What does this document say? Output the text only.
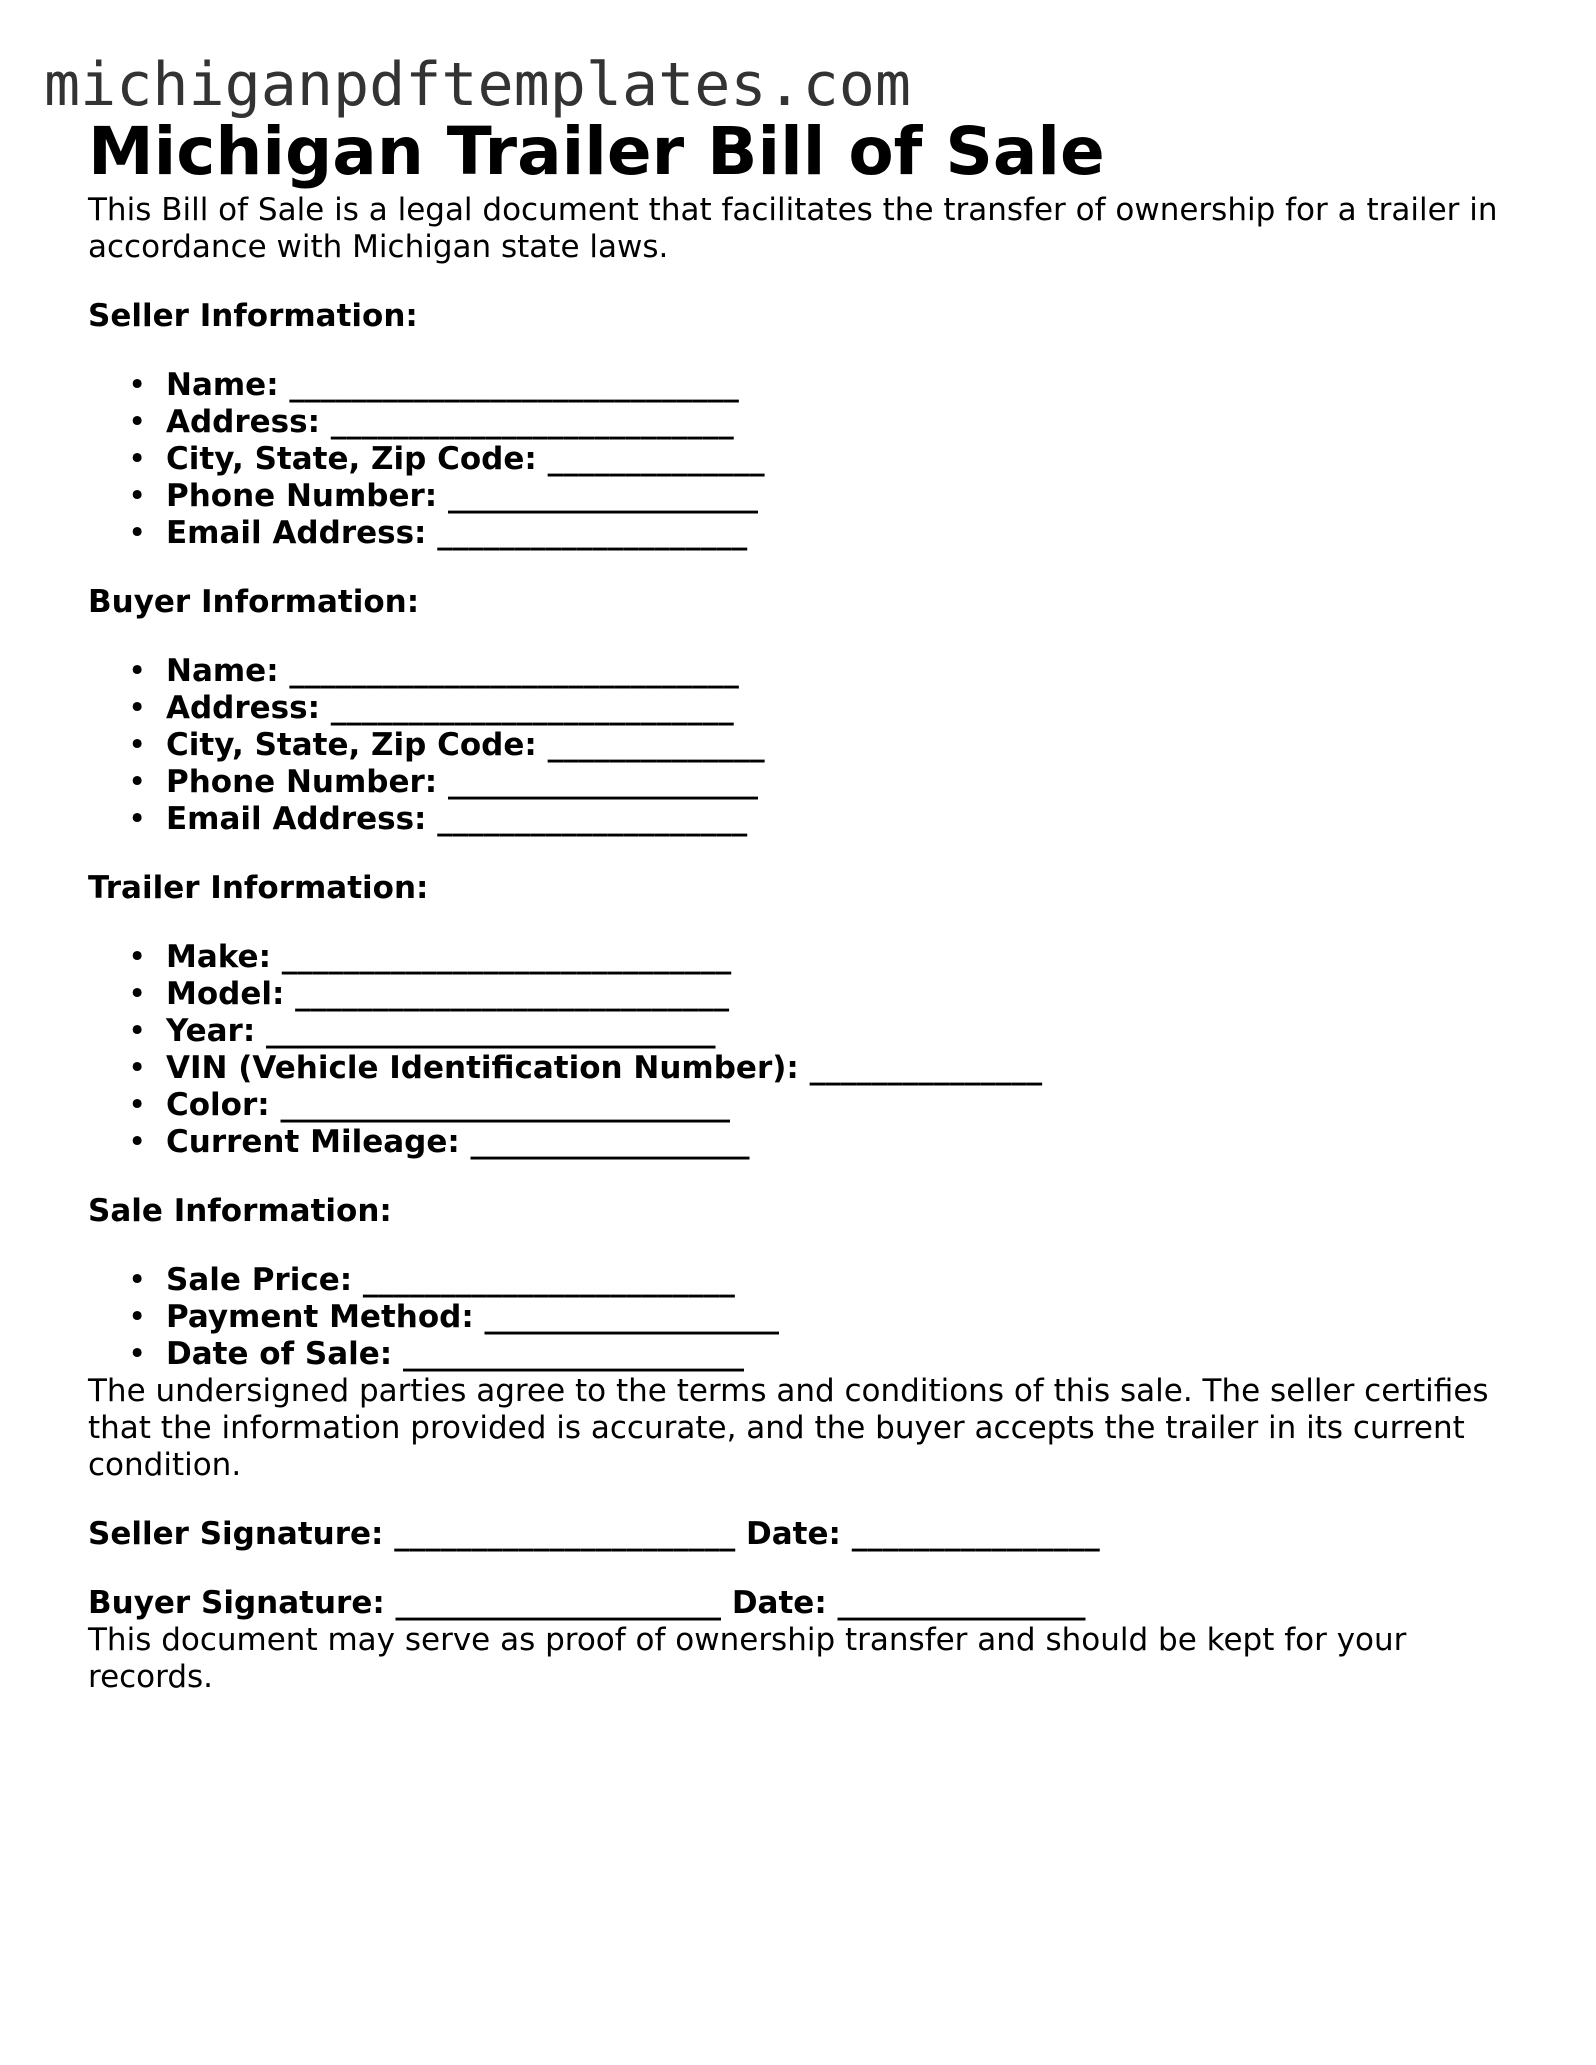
michiganpdftemplates.com
Michigan Trailer Bill of Sale

This Bill of Sale is a legal document that facilitates the transfer of ownership for a trailer in accordance with Michigan state laws.

Seller Information:

• Name: _____________________________
• Address: __________________________
• City, State, Zip Code: ______________
• Phone Number: ____________________
• Email Address: ____________________

Buyer Information:

• Name: _____________________________
• Address: __________________________
• City, State, Zip Code: ______________
• Phone Number: ____________________
• Email Address: ____________________

Trailer Information:

• Make: _____________________________
• Model: ____________________________
• Year: _____________________________
• VIN (Vehicle Identification Number): _______________
• Color: _____________________________
• Current Mileage: __________________

Sale Information:

• Sale Price: ________________________
• Payment Method: ___________________
• Date of Sale: ______________________

The undersigned parties agree to the terms and conditions of this sale. The seller certifies that the information provided is accurate, and the buyer accepts the trailer in its current condition.

Seller Signature: ______________________ Date: ________________

Buyer Signature: _____________________ Date: ________________

This document may serve as proof of ownership transfer and should be kept for your records.
